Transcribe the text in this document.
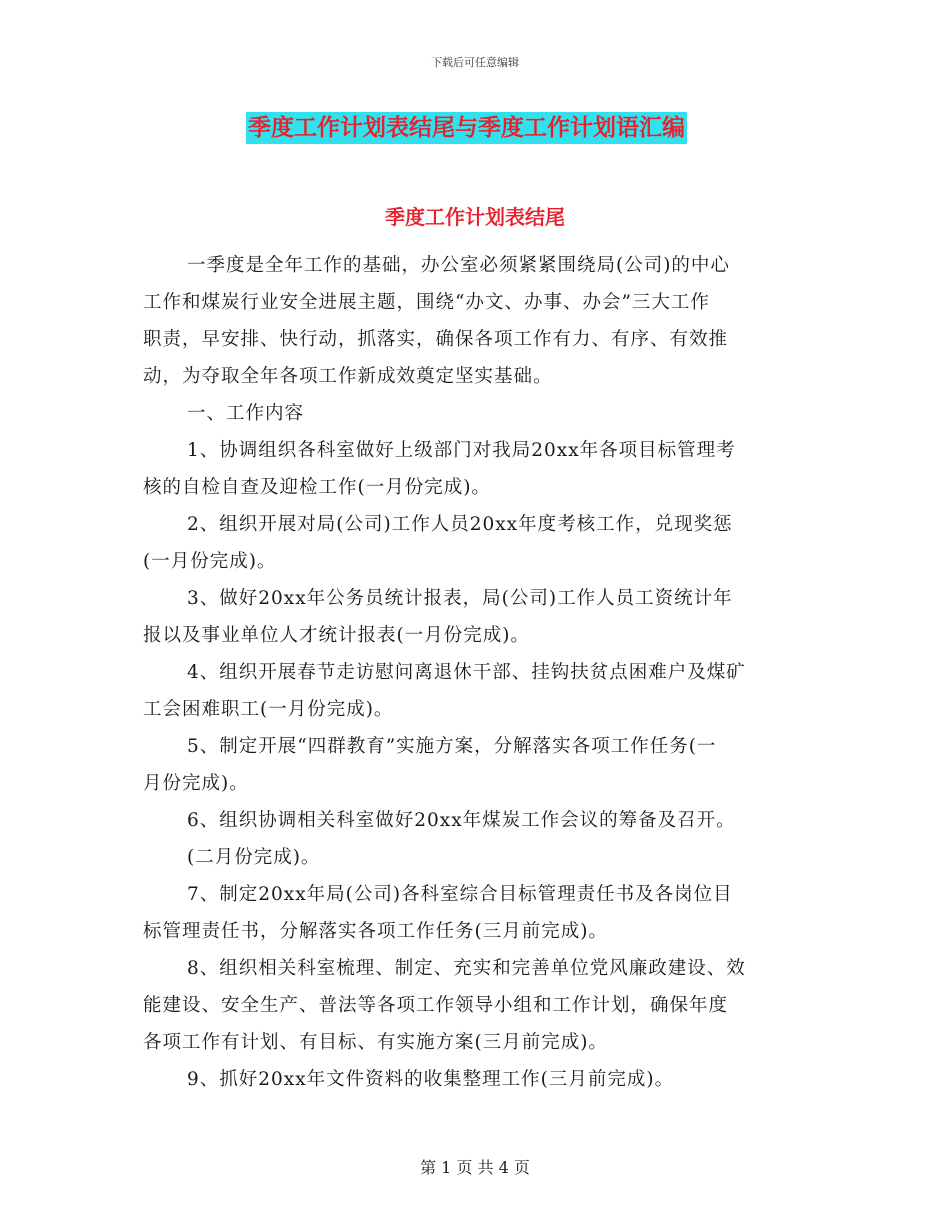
下载后可任意编辑
季度工作计划表结尾与季度工作计划语汇编
季度工作计划表结尾
一季度是全年工作的基础，办公室必须紧紧围绕局(公司)的中心
工作和煤炭行业安全进展主题，围绕“办文、办事、办会”三大工作
职责，早安排、快行动，抓落实，确保各项工作有力、有序、有效推
动，为夺取全年各项工作新成效奠定坚实基础。
一、工作内容
1、协调组织各科室做好上级部门对我局20xx年各项目标管理考
核的自检自查及迎检工作(一月份完成)。
2、组织开展对局(公司)工作人员20xx年度考核工作，兑现奖惩
(一月份完成)。
3、做好20xx年公务员统计报表，局(公司)工作人员工资统计年
报以及事业单位人才统计报表(一月份完成)。
4、组织开展春节走访慰问离退休干部、挂钩扶贫点困难户及煤矿
工会困难职工(一月份完成)。
5、制定开展“四群教育”实施方案，分解落实各项工作任务(一
月份完成)。
6、组织协调相关科室做好20xx年煤炭工作会议的筹备及召开。
(二月份完成)。
7、制定20xx年局(公司)各科室综合目标管理责任书及各岗位目
标管理责任书，分解落实各项工作任务(三月前完成)。
8、组织相关科室梳理、制定、充实和完善单位党风廉政建设、效
能建设、安全生产、普法等各项工作领导小组和工作计划，确保年度
各项工作有计划、有目标、有实施方案(三月前完成)。
9、抓好20xx年文件资料的收集整理工作(三月前完成)。
第 1 页 共 4 页
